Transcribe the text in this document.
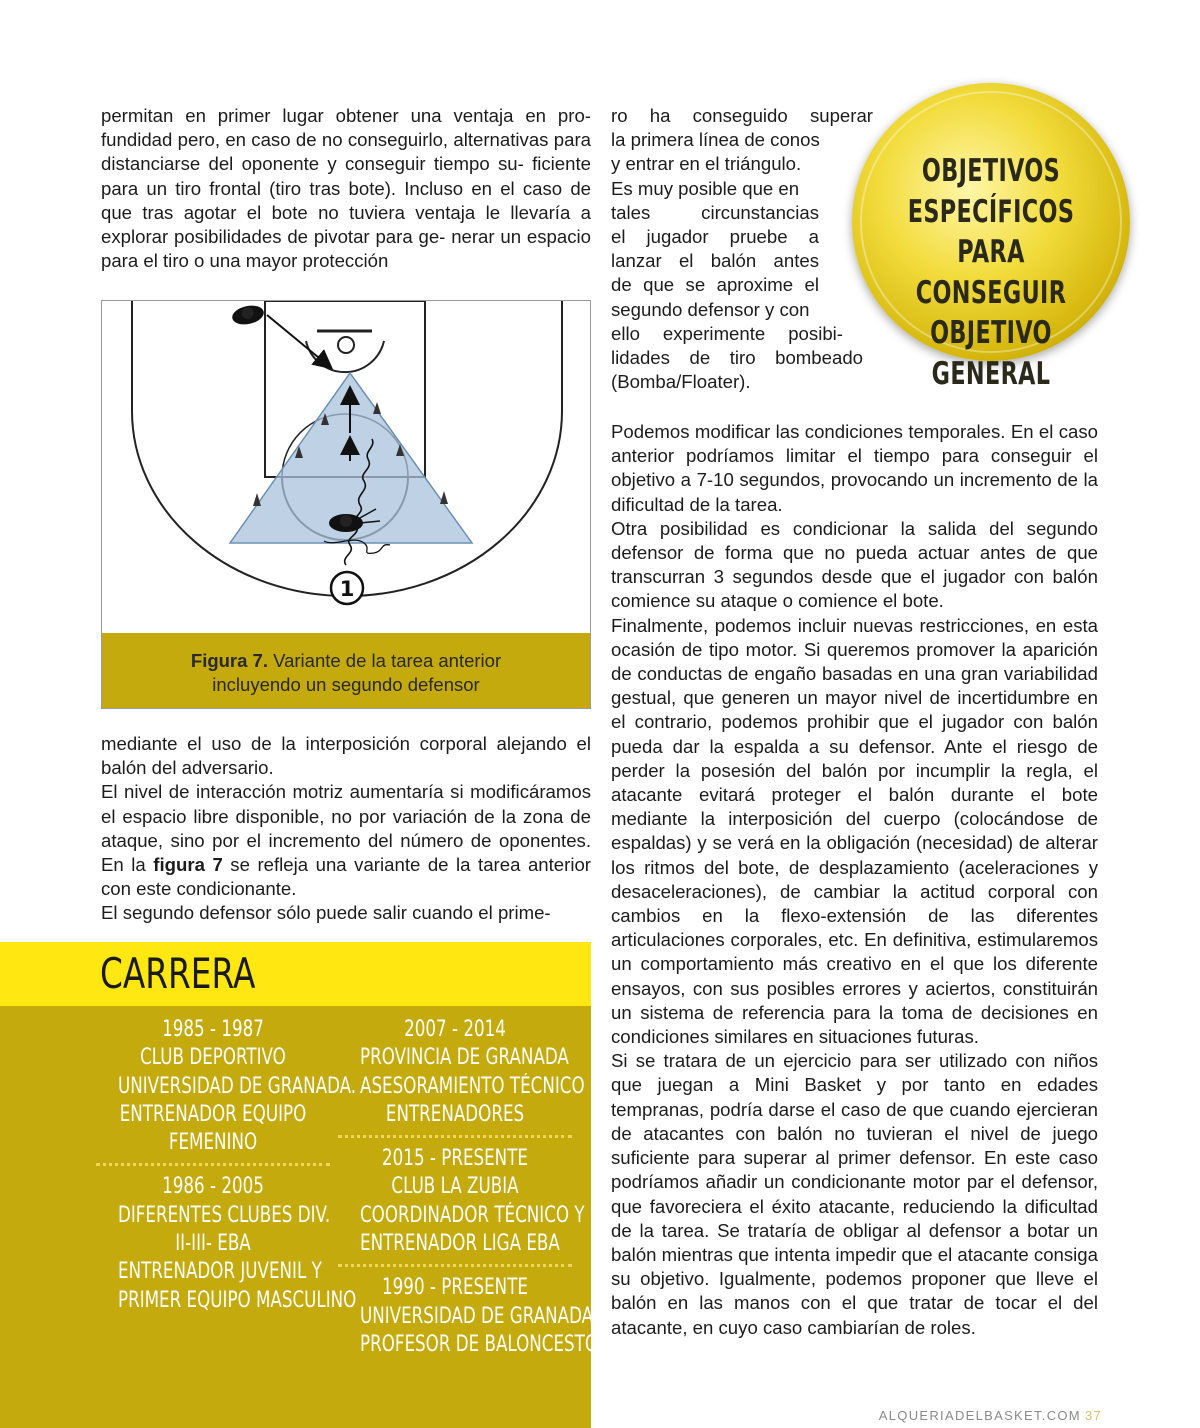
permitan en primer lugar obtener una ventaja en pro- fundidad pero, en caso de no conseguirlo, alternativas para distanciarse del oponente y conseguir tiempo su- ficiente para un tiro frontal (tiro tras bote). Incluso en el caso de que tras agotar el bote no tuviera ventaja le llevaría a explorar posibilidades de pivotar para ge- nerar un espacio para el tiro o una mayor protección

1
Figura 7. Variante de la tarea anterior
incluyendo un segundo defensor

mediante el uso de la interposición corporal alejando el balón del adversario.

El nivel de interacción motriz aumentaría si modificáramos el espacio libre disponible, no por variación de la zona de ataque, sino por el incremento del número de oponentes. En la figura 7 se refleja una variante de la tarea anterior con este condicionante.

El segundo defensor sólo puede salir cuando el prime-

ro ha conseguido superar
la primera línea de conos
y entrar en el triángulo.
Es muy posible que en
tales circunstancias
el jugador pruebe a
lanzar el balón antes
de que se aproxime el
segundo defensor y con
ello experimente posibi-
lidades de tiro bombeado
(Bomba/Floater).

OBJETIVOS
ESPECÍFICOS
PARA CONSEGUIR
OBJETIVO
GENERAL

Podemos modificar las condiciones temporales. En el caso anterior podríamos limitar el tiempo para conseguir el objetivo a 7-10 segundos, provocando un incremento de la dificultad de la tarea.

Otra posibilidad es condicionar la salida del segundo defensor de forma que no pueda actuar antes de que transcurran 3 segundos desde que el jugador con balón comience su ataque o comience el bote.

Finalmente, podemos incluir nuevas restricciones, en esta ocasión de tipo motor. Si queremos promover la aparición de conductas de engaño basadas en una gran variabilidad gestual, que generen un mayor nivel de incertidumbre en el contrario, podemos prohibir que el jugador con balón pueda dar la espalda a su defensor. Ante el riesgo de perder la posesión del balón por incumplir la regla, el atacante evitará proteger el balón durante el bote mediante la interposición del cuerpo (colocándose de espaldas) y se verá en la obligación (necesidad) de alterar los ritmos del bote, de desplazamiento (aceleraciones y desaceleraciones), de cambiar la actitud corporal con cambios en la flexo-extensión de las diferentes articulaciones corporales, etc. En definitiva, estimularemos un comportamiento más creativo en el que los diferente ensayos, con sus posibles errores y aciertos, constituirán un sistema de referencia para la toma de decisiones en condiciones similares en situaciones futuras.

Si se tratara de un ejercicio para ser utilizado con niños que juegan a Mini Basket y por tanto en edades tempranas, podría darse el caso de que cuando ejercieran de atacantes con balón no tuvieran el nivel de juego suficiente para superar al primer defensor. En este caso podríamos añadir un condicionante motor par el defensor, que favoreciera el éxito atacante, reduciendo la dificultad de la tarea. Se trataría de obligar al defensor a botar un balón mientras que intenta impedir que el atacante consiga su objetivo. Igualmente, podemos proponer que lleve el balón en las manos con el que tratar de tocar el del atacante, en cuyo caso cambiarían de roles.

CARRERA
1985 - 1987
CLUB DEPORTIVO
UNIVERSIDAD DE GRANADA.
ENTRENADOR EQUIPO
FEMENINO
1986 - 2005
DIFERENTES CLUBES DIV.
II-III- EBA
ENTRENADOR JUVENIL Y
PRIMER EQUIPO MASCULINO
2007 - 2014
PROVINCIA DE GRANADA
ASESORAMIENTO TÉCNICO
ENTRENADORES
2015 - PRESENTE
CLUB LA ZUBIA
COORDINADOR TÉCNICO Y
ENTRENADOR LIGA EBA
1990 - PRESENTE
UNIVERSIDAD DE GRANADA
PROFESOR DE BALONCESTO
ALQUERIADELBASKET.COM 37
